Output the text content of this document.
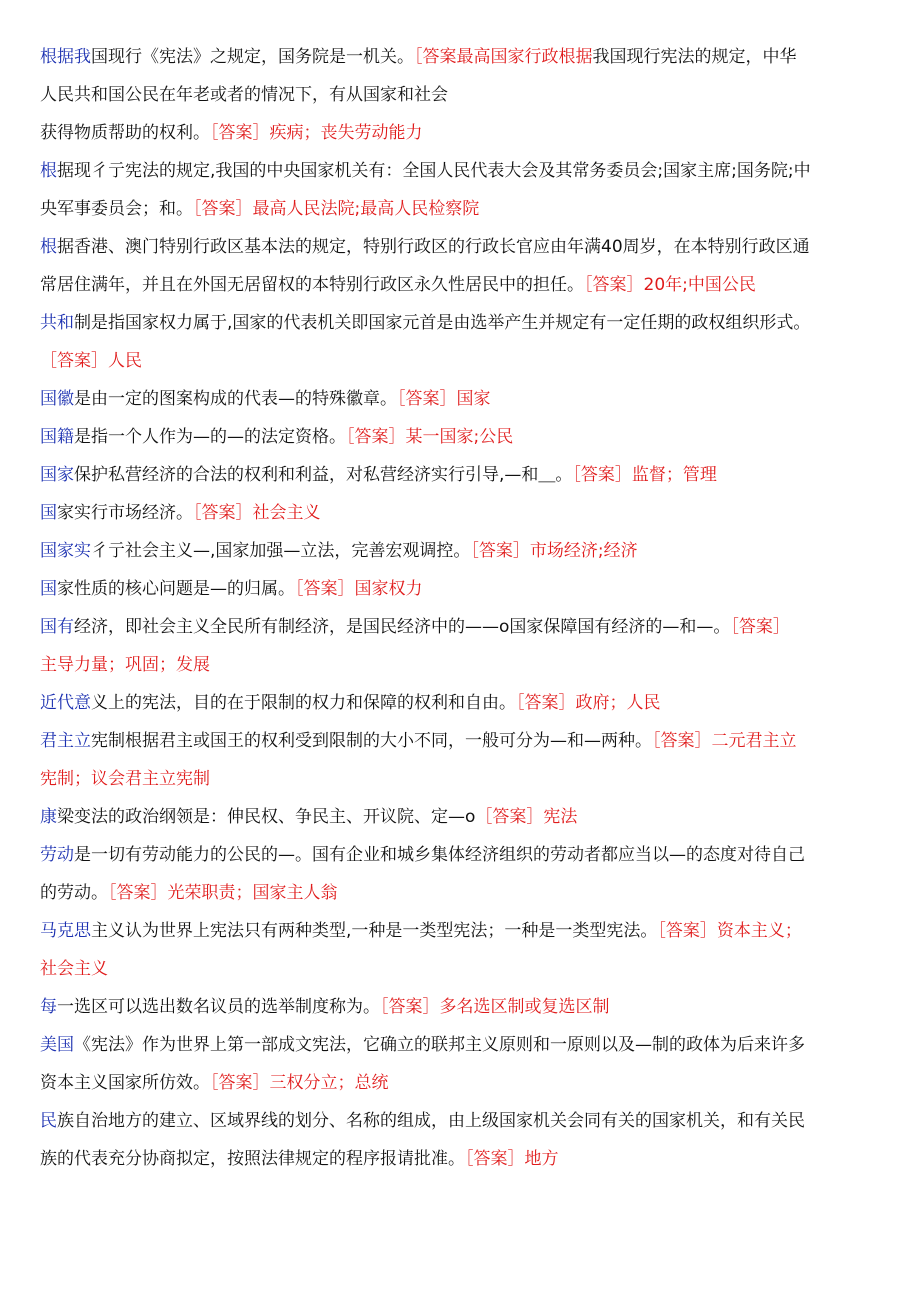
根据我国现行《宪法》之规定，国务院是一机关。［答案最高国家行政根据我国现行宪法的规定，中华
人民共和国公民在年老或者的情况下，有从国家和社会
获得物质帮助的权利。［答案］疾病；丧失劳动能力
根据现彳亍宪法的规定,我国的中央国家机关有：全国人民代表大会及其常务委员会;国家主席;国务院;中
央军事委员会；和。［答案］最高人民法院;最高人民检察院
根据香港、澳门特别行政区基本法的规定，特别行政区的行政长官应由年满40周岁，在本特别行政区通
常居住满年，并且在外国无居留权的本特别行政区永久性居民中的担任。［答案］20年;中国公民
共和制是指国家权力属于,国家的代表机关即国家元首是由选举产生并规定有一定任期的政权组织形式。
［答案］人民
国徽是由一定的图案构成的代表—的特殊徽章。［答案］国家
国籍是指一个人作为—的—的法定资格。［答案］某一国家;公民
国家保护私营经济的合法的权利和利益，对私营经济实行引导,—和＿。［答案］监督；管理
国家实行市场经济。［答案］社会主义
国家实彳亍社会主义—,国家加强—立法，完善宏观调控。［答案］市场经济;经济
国家性质的核心问题是—的归属。［答案］国家权力
国有经济，即社会主义全民所有制经济，是国民经济中的——o国家保障国有经济的—和—。［答案］
主导力量；巩固；发展
近代意义上的宪法，目的在于限制的权力和保障的权利和自由。［答案］政府；人民
君主立宪制根据君主或国王的权利受到限制的大小不同，一般可分为—和—两种。［答案］二元君主立
宪制；议会君主立宪制
康梁变法的政治纲领是：伸民权、争民主、开议院、定—o［答案］宪法
劳动是一切有劳动能力的公民的—。国有企业和城乡集体经济组织的劳动者都应当以—的态度对待自己
的劳动。［答案］光荣职责；国家主人翁
马克思主义认为世界上宪法只有两种类型,一种是一类型宪法；一种是一类型宪法。［答案］资本主义；
社会主义
每一选区可以选出数名议员的选举制度称为。［答案］多名选区制或复选区制
美国《宪法》作为世界上第一部成文宪法，它确立的联邦主义原则和一原则以及—制的政体为后来许多
资本主义国家所仿效。［答案］三权分立；总统
民族自治地方的建立、区域界线的划分、名称的组成，由上级国家机关会同有关的国家机关，和有关民
族的代表充分协商拟定，按照法律规定的程序报请批准。［答案］地方
